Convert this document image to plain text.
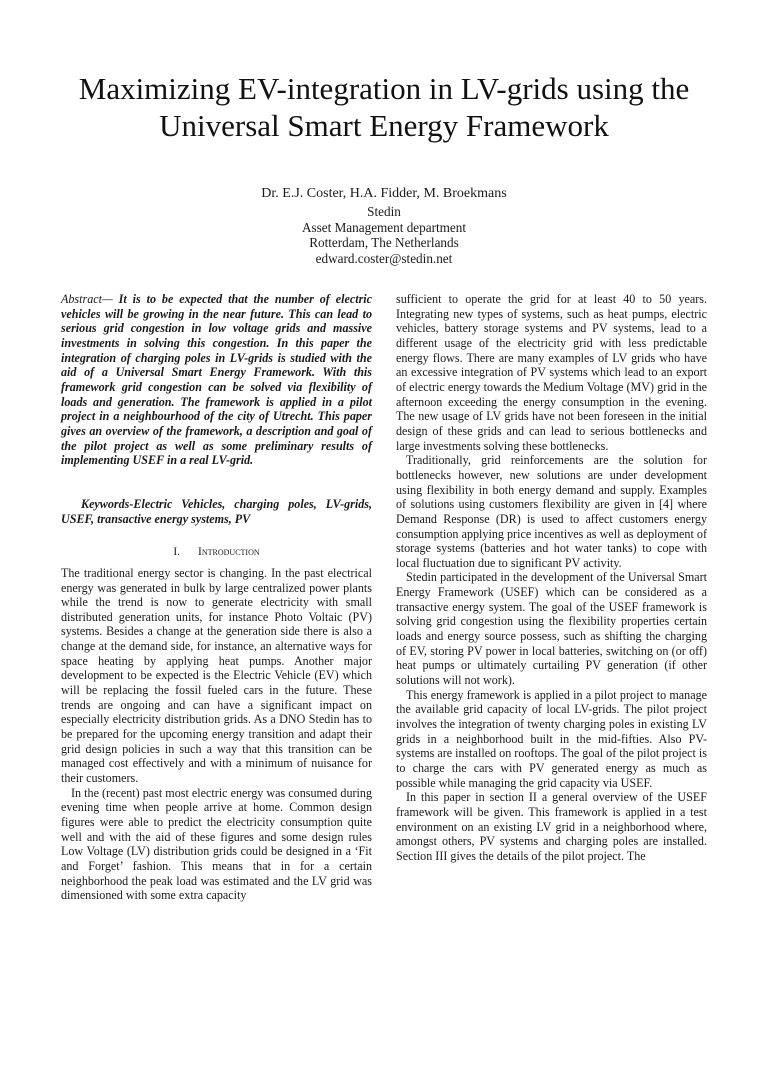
Maximizing EV-integration in LV-grids using the
Universal Smart Energy Framework
Dr. E.J. Coster, H.A. Fidder, M. Broekmans
Stedin
Asset Management department
Rotterdam, The Netherlands
edward.coster@stedin.net

Abstract— It is to be expected that the number of electric vehicles will be growing in the near future. This can lead to serious grid congestion in low voltage grids and massive investments in solving this congestion. In this paper the integration of charging poles in LV-grids is studied with the aid of a Universal Smart Energy Framework. With this framework grid congestion can be solved via flexibility of loads and generation. The framework is applied in a pilot project in a neighbourhood of the city of Utrecht. This paper gives an overview of the framework, a description and goal of the pilot project as well as some preliminary results of implementing USEF in a real LV-grid.

Keywords-Electric Vehicles, charging poles, LV-grids, USEF, transactive energy systems, PV

I. Introduction

The traditional energy sector is changing. In the past electrical energy was generated in bulk by large centralized power plants while the trend is now to generate electricity with small distributed generation units, for instance Photo Voltaic (PV) systems. Besides a change at the generation side there is also a change at the demand side, for instance, an alternative ways for space heating by applying heat pumps. Another major development to be expected is the Electric Vehicle (EV) which will be replacing the fossil fueled cars in the future. These trends are ongoing and can have a significant impact on especially electricity distribution grids. As a DNO Stedin has to be prepared for the upcoming energy transition and adapt their grid design policies in such a way that this transition can be managed cost effectively and with a minimum of nuisance for their customers.

In the (recent) past most electric energy was consumed during evening time when people arrive at home. Common design figures were able to predict the electricity consumption quite well and with the aid of these figures and some design rules Low Voltage (LV) distribution grids could be designed in a ‘Fit and Forget’ fashion. This means that in for a certain neighborhood the peak load was estimated and the LV grid was dimensioned with some extra capacity

sufficient to operate the grid for at least 40 to 50 years. Integrating new types of systems, such as heat pumps, electric vehicles, battery storage systems and PV systems, lead to a different usage of the electricity grid with less predictable energy flows. There are many examples of LV grids who have an excessive integration of PV systems which lead to an export of electric energy towards the Medium Voltage (MV) grid in the afternoon exceeding the energy consumption in the evening. The new usage of LV grids have not been foreseen in the initial design of these grids and can lead to serious bottlenecks and large investments solving these bottlenecks.

Traditionally, grid reinforcements are the solution for bottlenecks however, new solutions are under development using flexibility in both energy demand and supply. Examples of solutions using customers flexibility are given in [4] where Demand Response (DR) is used to affect customers energy consumption applying price incentives as well as deployment of storage systems (batteries and hot water tanks) to cope with local fluctuation due to significant PV activity.

Stedin participated in the development of the Universal Smart Energy Framework (USEF) which can be considered as a transactive energy system. The goal of the USEF framework is solving grid congestion using the flexibility properties certain loads and energy source possess, such as shifting the charging of EV, storing PV power in local batteries, switching on (or off) heat pumps or ultimately curtailing PV generation (if other solutions will not work).

This energy framework is applied in a pilot project to manage the available grid capacity of local LV-grids. The pilot project involves the integration of twenty charging poles in existing LV grids in a neighborhood built in the mid-fifties. Also PV-systems are installed on rooftops. The goal of the pilot project is to charge the cars with PV generated energy as much as possible while managing the grid capacity via USEF.

In this paper in section II a general overview of the USEF framework will be given. This framework is applied in a test environment on an existing LV grid in a neighborhood where, amongst others, PV systems and charging poles are installed. Section III gives the details of the pilot project. The
